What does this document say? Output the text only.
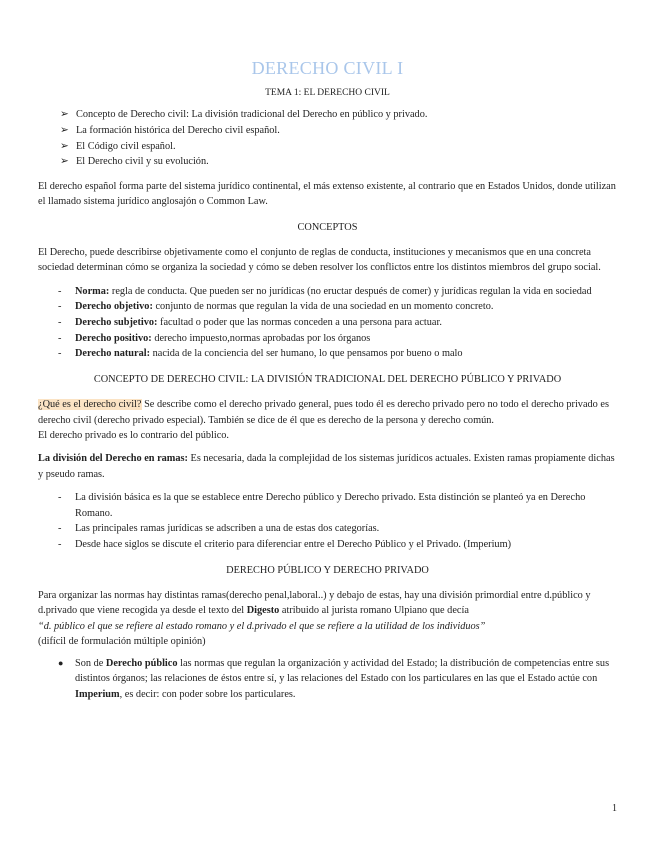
DERECHO CIVIL I
TEMA 1: EL DERECHO CIVIL
➢ Concepto de Derecho civil: La división tradicional del Derecho en público y privado.
➢ La formación histórica del Derecho civil español.
➢ El Código civil español.
➢ El Derecho civil y su evolución.

El derecho español forma parte del sistema jurídico continental, el más extenso existente, al contrario que en Estados Unidos, donde utilizan el llamado sistema jurídico anglosajón o Common Law.

CONCEPTOS

El Derecho, puede describirse objetivamente como el conjunto de reglas de conducta, instituciones y mecanismos que en una concreta sociedad determinan cómo se organiza la sociedad y cómo se deben resolver los conflictos entre los distintos miembros del grupo social.

- Norma: regla de conducta. Que pueden ser no jurídicas (no eructar después de comer) y jurídicas regulan la vida en sociedad
- Derecho objetivo: conjunto de normas que regulan la vida de una sociedad en un momento concreto.
- Derecho subjetivo: facultad o poder que las normas conceden a una persona para actuar.
- Derecho positivo: derecho impuesto,normas aprobadas por los órganos
- Derecho natural: nacida de la conciencia del ser humano, lo que pensamos por bueno o malo
CONCEPTO DE DERECHO CIVIL: LA DIVISIÓN TRADICIONAL DEL DERECHO PÚBLICO Y PRIVADO

¿Qué es el derecho civil? Se describe como el derecho privado general, pues todo él es derecho privado pero no todo el derecho privado es derecho civil (derecho privado especial). También se dice de él que es derecho de la persona y derecho común.
El derecho privado es lo contrario del público.

La división del Derecho en ramas: Es necesaria, dada la complejidad de los sistemas jurídicos actuales. Existen ramas propiamente dichas y pseudo ramas.

- La división básica es la que se establece entre Derecho público y Derecho privado. Esta distinción se planteó ya en Derecho Romano.
- Las principales ramas jurídicas se adscriben a una de estas dos categorías.
- Desde hace siglos se discute el criterio para diferenciar entre el Derecho Público y el Privado. (Imperium)
DERECHO PÚBLICO Y DERECHO PRIVADO

Para organizar las normas hay distintas ramas(derecho penal,laboral..) y debajo de estas, hay una división primordial entre d.público y d.privado que viene recogida ya desde el texto del Digesto atribuido al jurista romano Ulpiano que decía
“d. público el que se refiere al estado romano y el d.privado el que se refiere a la utilidad de los individuos”
(difícil de formulación múltiple opinión)

● Son de Derecho público las normas que regulan la organización y actividad del Estado; la distribución de competencias entre sus distintos órganos; las relaciones de éstos entre sí, y las relaciones del Estado con los particulares en las que el Estado actúe con Imperium, es decir: con poder sobre los particulares.
1
